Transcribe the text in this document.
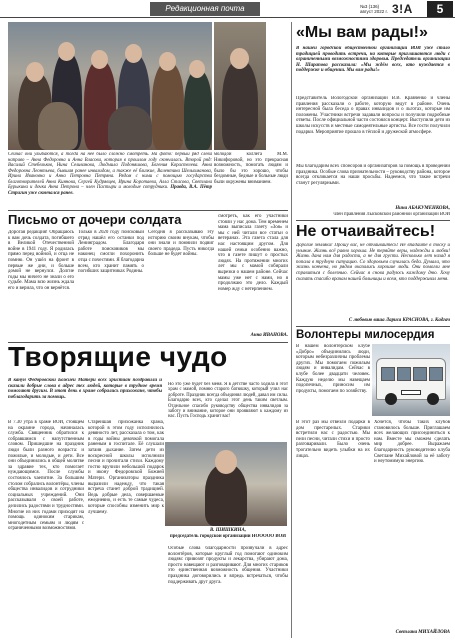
Редакционная почта	№3 (136) август 2022 г. 3!A	5
Сейчас они улыбаются, а тогда на неё было сложно смотреть. На фото: первый ряд слева направо – Анна Федоровна и Анна Власова, которая в прошлом году скончалась. Второй ряд: Василий Стебельков, Нина Селиванова, Людмила Подоняшова, Евгения Корастелева. Анна Федоровна Леонтьева, бывшая ранее инвалидом, а также её близкие, Валентина Шелыхманова, Ирина Ивановна и Анна Петровна Петряна. Рядом с ними с помощью государства благотворителей Анна Киянова, Сергей Кудрявцев, Ирина Коротаева, Алла Стасова, Светлана Бурыкина и дочка Анна Петрона – член Пастыри и молодые сотрудники. Правда, В.А. Пётр Стригин уже скончался ранее.
молодой коллега М.М. Никифоровой, но это прекрасная возможность, помогать людям и было бы это хорошо, чтобы бездомные, бедные и больные люди были окружены вниманием.
Письмо от дочери солдата
Дорогая редакция! Обращаюсь к вам дочь солдата, погибшего в Великой Отечественной войне в 1941 году. Я родилась прямо перед войной, и отца не помню. Он ушёл на фронт в первые же дни, и больше домой не вернулся. Долгие годы мы ничего не знали о его судьбе. Мама всю жизнь ждала его и верила, что он вернётся.
Только в 2020 году поисковый отряд нашёл его останки под Ленинградом. Благодаря работе поисковиков мы наконец смогли похоронить отца с почестями. Я благодарна всем, кто хранит память о погибших защитниках Родины.
Сегодня я рассказываю эту историю своим внукам, чтобы они знали и помнили подвиг своего прадеда. Пусть никогда больше не будет войны.
смотреть, как его участники стояли у нас дома. Тем временем мама выписала газету «Зоя» и мы с ней читали все статьи о ветеранах. Эта газета стала для нас настоящим другом. Для нашей семьи особенно важно, что в газете пишут о простых людях. На протяжении многих лет мы с мамой собирали вырезки о нашем районе. Сейчас мамы уже нет с нами, но я продолжаю это дело. Каждый номер жду с нетерпением.
Анна ИВАНОВА.
Творящие чудо
В канун Федоровской Божией Матери всех христиан поздравили и сказали добрые слова в адрес тех людей, которые в трудное время помогают другим. В этот день в храме собрались прихожане, чтобы поблагодарить за помощь.
В 7.30 утра в храме ВОИ, стоящем на окраине города, начиналась служба. Священник обратился к собравшимся с напутственным словом. Пришедшие на праздник люди были разного возраста: и пожилые, и молодые, и дети. Все они объединились в общей молитве за здравие тех, кто помогает нуждающимся. После службы состоялось чаепитие. За большим столом собрались волонтёры, члены общества инвалидов и сотрудники социальных учреждений. Они рассказывали о своей работе, делились радостями и трудностями. Многие из них годами приходят на помощь одиноким старикам, многодетным семьям и людям с ограниченными возможностями.
Старейшая прихожанка храма, которой в этом году исполнилось девяносто лет, рассказала о том, как в годы войны девочкой помогала раненым в госпитале. Её слушали затаив дыхание. Затем дети из воскресной школы исполнили песни и прочитали стихи. Каждому гостю вручили небольшой подарок и икону Федоровской Божией Матери. Организаторы праздника выразили надежду, что такая встреча станет доброй традицией. Ведь добрые дела, совершаемые ежедневно, и есть те самые чудеса, которые способны изменить мир к лучшему.
Но это уже будет без меня. Я в детстве часто ходила в этот храм с мамой, помню старого батюшку, который учил нас доброте. Праздник всегда объединял людей, давал им силы. Благодарю всех, кто сделал этот день таким светлым. Отдельное спасибо руководству общества инвалидов за заботу и внимание, которое они проявляют к каждому из нас. Пусть Господь хранит вас!
В. ШИШКИНА,
председатель городской организации НООООО ВОИ
Особые слова благодарности прозвучали в адрес волонтёров, которые круглый год помогают одиноким людям: привозят продукты и лекарства, убирают дома, просто навещают и разговаривают. Для многих стариков это единственная возможность общения. Участники праздника договорились и впредь встречаться, чтобы поддерживать друг друга.
«Мы вам рады!»
В нашей городской общественной организации ВОИ уже стало традицией проводить встречи, на которые приглашаются люди с ограниченными возможностями здоровья. Председатель организации Н. Шарапова рассказала: «Мы ждём всех, кто нуждается в поддержке и общении. Мы вам рады!»
Представитель Вологодской организации В.В. Кравченко и члены правления рассказали о работе, которую ведут в районе. Очень интересной была беседа о правах инвалидов и о льготах, которые им положены. Участники встречи задавали вопросы и получили подробные ответы. После официальной части состоялся концерт. Выступили дети из школы искусств и местные самодеятельные артисты. Все гости получили подарки. Мероприятие прошло в тёплой и дружеской атмосфере.
Мы благодарим всех спонсоров и организаторов за помощь в проведении праздника. Особые слова признательности – руководству района, которое всегда откликается на наши просьбы. Надеемся, что такие встречи станут регулярными.
Нина АБАКУМЕНКОВА,
член правления Лысковской районной организации ВОИ
Не отчаивайтесь!
Дорогие земляки! Прошу вас, не отчаивайтесь! Не впадайте в тоску и уныние. Жизнь всё равно хороша. Не теряйте веры, надежды и любви! Жизнь дана нам для радости, а не для грусти. Несколько лет назад я попала в трудную ситуацию. Со здоровьем случилась беда. Думала, что жизнь кончена, но рядом оказались хорошие люди. Они помогли мне справиться с болезнью. Сейчас я снова радуюсь каждому дню. Хочу сказать спасибо врачам нашей больницы и всем, кто поддерживал меня.
С любовью ваша Лариса КРАСНОВА, г. Кадгач
Волонтеры милосердия
В нашем волонтёрском клубе «Добро» объединились люди, которым небезразличны проблемы других. Мы помогаем пожилым людям и инвалидам. Сейчас в клубе более двадцати человек. Каждую неделю мы навещаем подопечных, приносим им продукты, помогаем по хозяйству.
В этот раз мы отвезли подарки в дом престарелых. Старики встретили нас с радостью. Мы пели песни, читали стихи и просто разговаривали. Было очень трогательно видеть улыбки на их лицах.
Хочется, чтобы таких клубов становилось больше. Приглашаем всех желающих присоединиться к нам. Вместе мы сможем сделать мир добрее. Выражаем благодарность руководителю клуба Светлане Михайловой за её заботу и неутомимую энергию.
Светлана МИХАЙЛОВА
